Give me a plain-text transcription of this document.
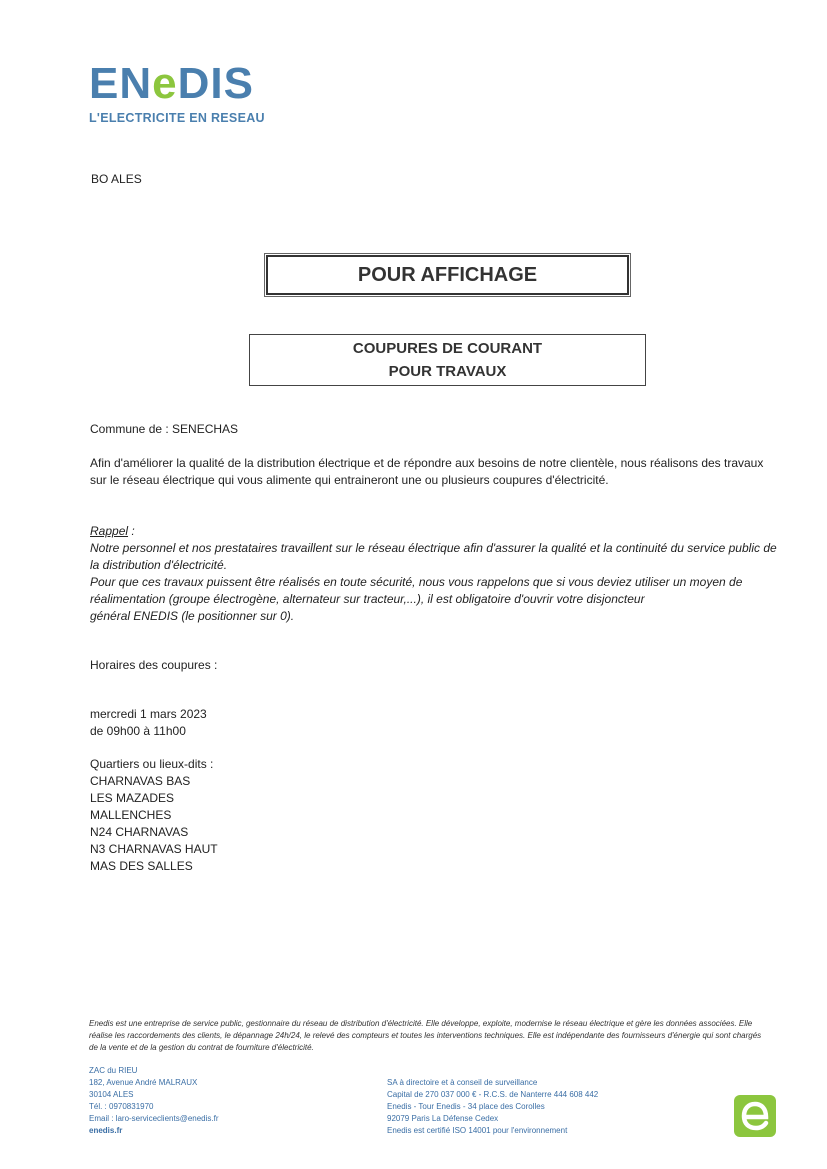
ENeDIS
L'ELECTRICITE EN RESEAU
BO ALES
POUR AFFICHAGE
COUPURES DE COURANT
POUR TRAVAUX
Commune de : SENECHAS
Afin d'améliorer la qualité de la distribution électrique et de répondre aux besoins de notre clientèle, nous réalisons des travaux sur le réseau électrique qui vous alimente qui entraineront une ou plusieurs coupures d'électricité.
Rappel :
Notre personnel et nos prestataires travaillent sur le réseau électrique afin d'assurer la qualité et la continuité du service public de la distribution d'électricité.
Pour que ces travaux puissent être réalisés en toute sécurité, nous vous rappelons que si vous deviez utiliser un moyen de réalimentation (groupe électrogène, alternateur sur tracteur,...), il est obligatoire d'ouvrir votre disjoncteur
général ENEDIS (le positionner sur 0).
Horaires des coupures :
mercredi 1 mars 2023
de 09h00 à 11h00
Quartiers ou lieux-dits :
CHARNAVAS BAS
LES MAZADES
MALLENCHES
N24 CHARNAVAS
N3 CHARNAVAS HAUT
MAS DES SALLES
Enedis est une entreprise de service public, gestionnaire du réseau de distribution d'électricité. Elle développe, exploite, modernise le réseau électrique et gère les données associées. Elle réalise les raccordements des clients, le dépannage 24h/24, le relevé des compteurs et toutes les interventions techniques. Elle est indépendante des fournisseurs d'énergie qui sont chargés de la vente et de la gestion du contrat de fourniture d'électricité.
ZAC du RIEU
182, Avenue André MALRAUX
30104 ALES
Tél. : 0970831970
Email : laro-serviceclients@enedis.fr
enedis.fr
SA à directoire et à conseil de surveillance
Capital de 270 037 000 € - R.C.S. de Nanterre 444 608 442
Enedis - Tour Enedis - 34 place des Corolles
92079 Paris La Défense Cedex
Enedis est certifié ISO 14001 pour l'environnement
